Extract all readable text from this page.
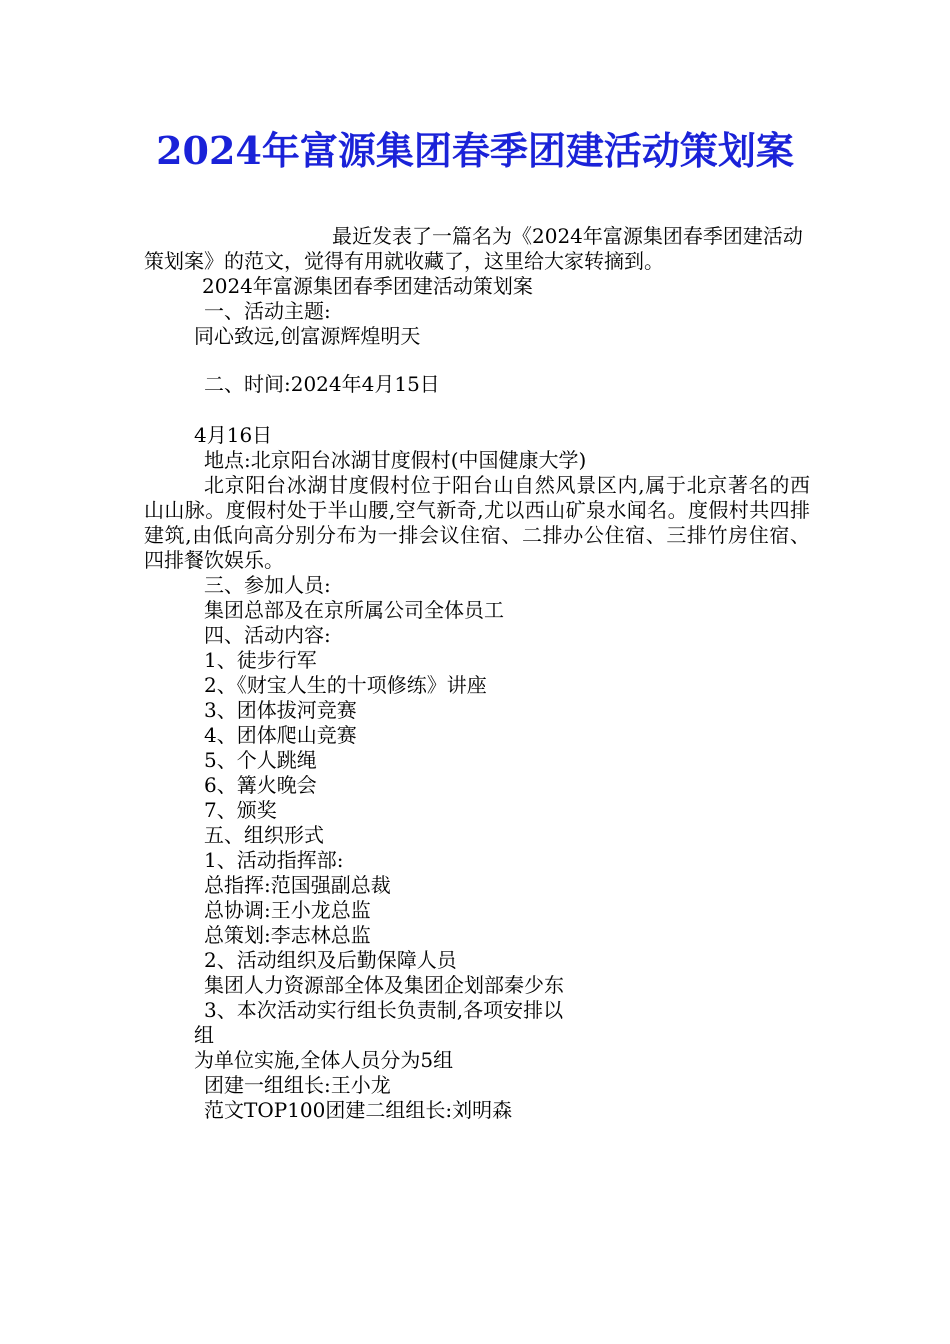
2024年富源集团春季团建活动策划案

最近发表了一篇名为《2024年富源集团春季团建活动策划案》的范文，觉得有用就收藏了，这里给大家转摘到。

2024年富源集团春季团建活动策划案
一、活动主题:
同心致远,创富源辉煌明天
二、时间:2024年4月15日
4月16日
地点:北京阳台冰湖甘度假村(中国健康大学)

北京阳台冰湖甘度假村位于阳台山自然风景区内,属于北京著名的西山山脉。度假村处于半山腰,空气新奇,尤以西山矿泉水闻名。度假村共四排建筑,由低向高分别分布为一排会议住宿、二排办公住宿、三排竹房住宿、四排餐饮娱乐。

三、参加人员:
集团总部及在京所属公司全体员工
四、活动内容:
1、徒步行军
2、《财宝人生的十项修练》讲座
3、团体拔河竞赛
4、团体爬山竞赛
5、个人跳绳
6、篝火晚会
7、颁奖
五、组织形式
1、活动指挥部:
总指挥:范国强副总裁
总协调:王小龙总监
总策划:李志林总监
2、活动组织及后勤保障人员
集团人力资源部全体及集团企划部秦少东
3、本次活动实行组长负责制,各项安排以
组
为单位实施,全体人员分为5组
团建一组组长:王小龙
范文TOP100团建二组组长:刘明森
